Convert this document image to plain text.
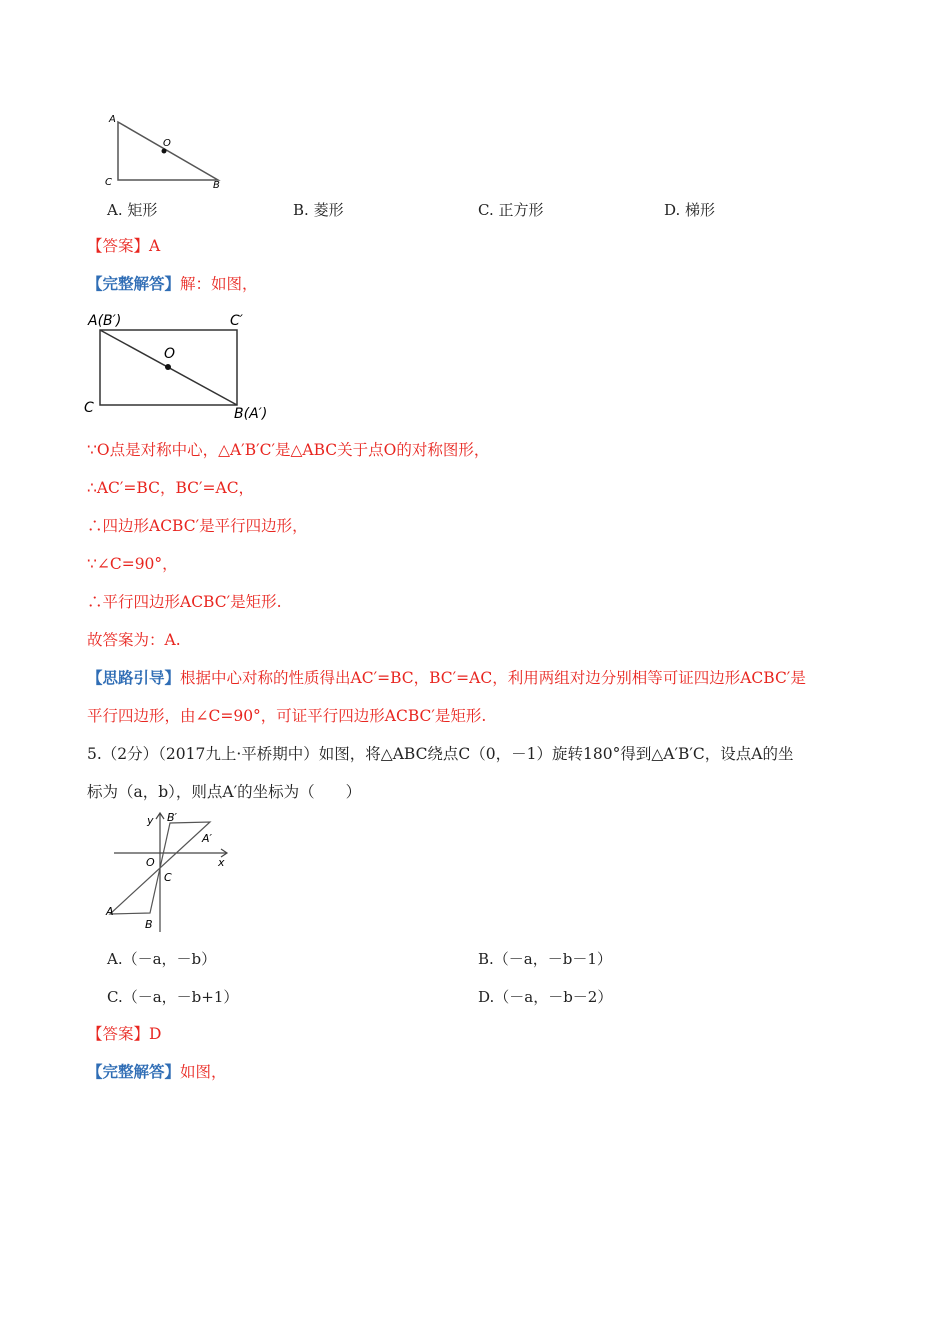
A
C	B
O
A. 矩形	B. 菱形	C. 正方形	D. 梯形
【答案】A
【完整解答】解：如图，
A(B′)	C′
O
C	B(A′)
∵O点是对称中心，△A′B′C′是△ABC关于点O的对称图形，
∴AC′=BC，BC′=AC，
∴四边形ACBC′是平行四边形，
∵∠C=90°，
∴平行四边形ACBC′是矩形.
故答案为：A.
【思路引导】根据中心对称的性质得出AC′=BC，BC′=AC，利用两组对边分别相等可证四边形ACBC′是
平行四边形，由∠C=90°，可证平行四边形ACBC′是矩形.
5.（2分）（2017九上·平桥期中）如图，将△ABC绕点C（0，－1）旋转180°得到△A′B′C，设点A的坐
标为（a，b），则点A′的坐标为（　　）
y B′
A′
O	x
C
A
B
A.（－a，－b）	B.（－a，－b－1）
C.（－a，－b+1）	D.（－a，－b－2）
【答案】D
【完整解答】如图，
